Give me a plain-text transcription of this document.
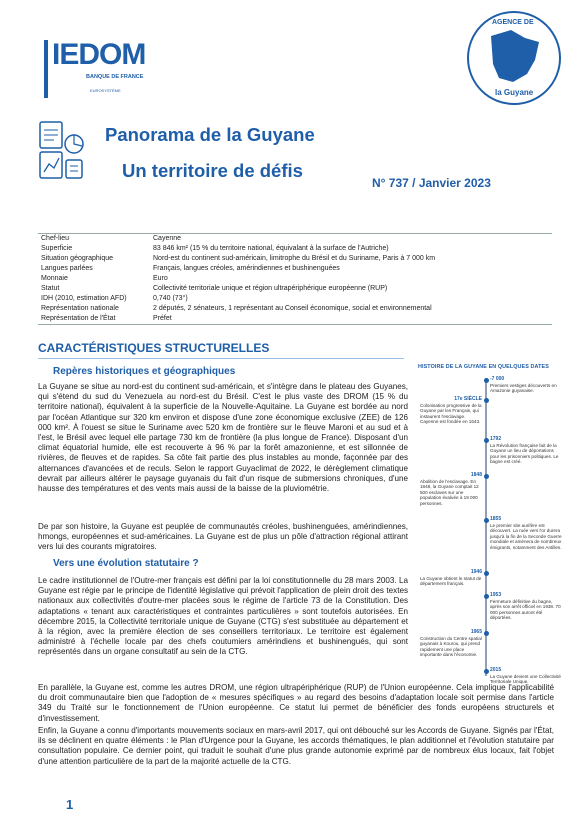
IEDOM
BANQUE DE FRANCE
EUROSYSTÈME
AGENCE DE
la Guyane
Panorama de la Guyane
Un territoire de défis
N° 737 / Janvier 2023
Chef-lieu	Cayenne
Superficie	83 846 km² (15 % du territoire national, équivalant à la surface de l'Autriche)
Situation géographique	Nord-est du continent sud-américain, limitrophe du Brésil et du Suriname, Paris à 7 000 km
Langues parlées	Français, langues créoles, amérindiennes et bushinenguées
Monnaie	Euro
Statut	Collectivité territoriale unique et région ultrapériphérique européenne (RUP)
IDH (2010, estimation AFD)	0,740 (73°)
Représentation nationale	2 députés, 2 sénateurs, 1 représentant au Conseil économique, social et environnemental
Représentation de l'État	Préfet
CARACTÉRISTIQUES STRUCTURELLES
Repères historiques et géographiques

La Guyane se situe au nord-est du continent sud-américain, et s'intègre dans le plateau des Guyanes, qui s'étend du sud du Venezuela au nord-est du Brésil. C'est le plus vaste des DROM (15 % du territoire national), équivalent à la superficie de la Nouvelle-Aquitaine. La Guyane est bordée au nord par l'océan Atlantique sur 320 km environ et dispose d'une zone économique exclusive (ZEE) de 126 000 km². À l'ouest se situe le Suriname avec 520 km de frontière sur le fleuve Maroni et au sud et à l'est, le Brésil avec lequel elle partage 730 km de frontière (la plus longue de France). Disposant d'un climat équatorial humide, elle est recouverte à 96 % par la forêt amazonienne, et est sillonnée de rivières, de fleuves et de rapides. Sa côte fait partie des plus instables au monde, façonnée par des alternances d'avancées et de reculs. Selon le rapport Guyaclimat de 2022, le dérèglement climatique devrait par ailleurs altérer le paysage guyanais du fait d'un risque de submersions chroniques, d'une hausse des températures et des vents mais aussi de la baisse de la pluviométrie.

De par son histoire, la Guyane est peuplée de communautés créoles, bushinenguées, amérindiennes, hmongs, européennes et sud-américaines. La Guyane est de plus un pôle d'attraction régional attirant vers lui des courants migratoires.

Vers une évolution statutaire ?

Le cadre institutionnel de l'Outre-mer français est défini par la loi constitutionnelle du 28 mars 2003. La Guyane est régie par le principe de l'identité législative qui prévoit l'application de plein droit des textes nationaux aux collectivités d'outre-mer placées sous le régime de l'article 73 de la Constitution. Des adaptations « tenant aux caractéristiques et contraintes particulières » sont toutefois autorisées. En décembre 2015, la Collectivité territoriale unique de Guyane (CTG) s'est substituée au département et à la région, avec la première élection de ses conseillers territoriaux. Le territoire est également administré à l'échelle locale par des chefs coutumiers amérindiens et bushinengués, qui sont représentés dans un organe consultatif au sein de la CTG.

En parallèle, la Guyane est, comme les autres DROM, une région ultrapériphérique (RUP) de l'Union européenne. Cela implique l'applicabilité du droit communautaire bien que l'adoption de « mesures spécifiques » au regard des besoins d'adaptation locale soit permise dans l'article 349 du Traité sur le fonctionnement de l'Union européenne. Ce statut lui permet de bénéficier des fonds européens structurels et d'investissement.

Enfin, la Guyane a connu d'importants mouvements sociaux en mars-avril 2017, qui ont débouché sur les Accords de Guyane. Signés par l'État, ils se déclinent en quatre éléments : le Plan d'Urgence pour la Guyane, les accords thématiques, le plan additionnel et l'évolution statutaire par consultation populaire. Ce dernier point, qui traduit le souhait d'une plus grande autonomie exprimé par de nombreux élus locaux, fait l'objet d'une attention particulière de la part de la majorité actuelle de la CTG.

1
HISTOIRE DE LA GUYANE EN QUELQUES DATES
-7 000
Premiers vestiges découverts en Amazonie guyanaise.
17e SIÈCLE
Colonisation progressive de la Guyane par les Français, qui instaurent l'esclavage. Cayenne est fondée en 1643.
1792
La Révolution française fait de la Guyane un lieu de déportations pour les prisonniers politiques. Le bagne est créé.
1848
Abolition de l'esclavage. En 1848, la Guyane comptait 12 500 esclaves sur une population évaluée à 19 000 personnes.
1855
Le premier site aurifère est découvert. La ruée vers l'or durera jusqu'à la fin de la Seconde Guerre mondiale et amènera de nombreux émigrants, notamment des Antilles.
1946
La Guyane obtient le statut de département français.
1953
Fermeture définitive du bagne, après son arrêt officiel en 1938. 70 000 personnes auront été déportées.
1965
Construction du Centre spatial guyanais à Kourou, qui prend rapidement une place importante dans l'économie.
2015
La Guyane devient une Collectivité Territoriale Unique.
